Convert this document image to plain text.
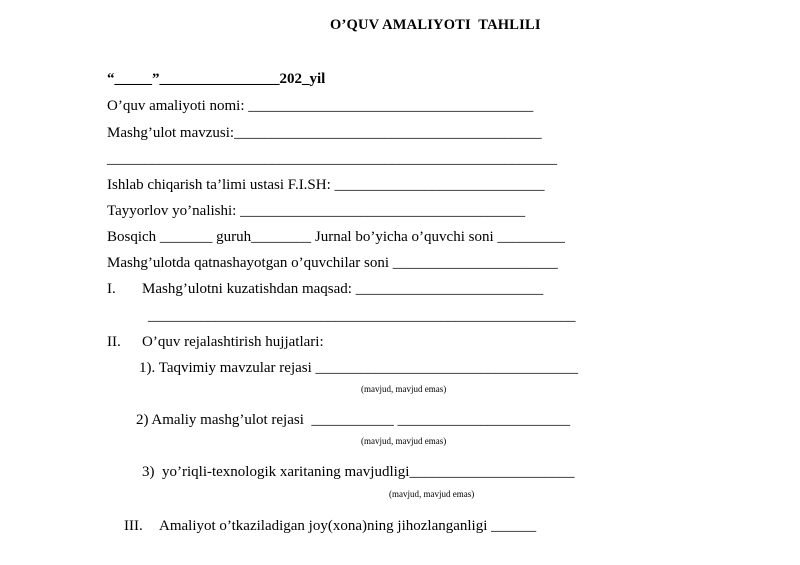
O’QUV AMALIYOTI  TAHLILI
“_____”________________202_yil
O’quv amaliyoti nomi: ______________________________________
Mashg’ulot mavzusi:_________________________________________
____________________________________________________________
Ishlab chiqarish ta’limi ustasi F.I.SH: ____________________________
Tayyorlov yo’nalishi: ______________________________________
Bosqich _______ guruh________ Jurnal bo’yicha o’quvchi soni _________
Mashg’ulotda qatnashayotgan o’quvchilar soni ______________________
I. Mashg’ulotni kuzatishdan maqsad: _________________________
_________________________________________________________
II. O’quv rejalashtirish hujjatlari:
1). Taqvimiy mavzular rejasi ___________________________________
(mavjud, mavjud emas)
2) Amaliy mashg’ulot rejasi  ___________ _______________________
(mavjud, mavjud emas)
3)  yo’riqli-texnologik xaritaning mavjudligi______________________
(mavjud, mavjud emas)
III. Amaliyot o’tkaziladigan joy(xona)ning jihozlanganligi ______
